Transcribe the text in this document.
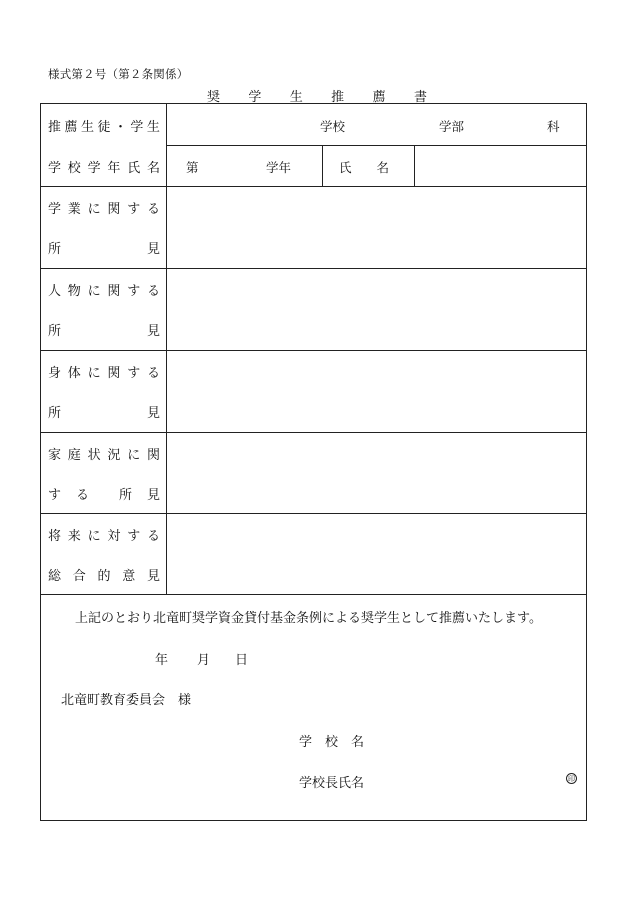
様式第２号（第２条関係）
奨 学 生 推 薦 書
推 薦 生 徒 ・ 学 生
学 校 学 年 氏 名
学校	学部	科
第	学年	氏　　名
学 業 に 関 す る
所	見
人 物 に 関 す る
所	見
身 体 に 関 す る
所	見
家 庭 状 況 に 関
す る 所 見
将 来 に 対 す る
総 合 的 意 見
上記のとおり北竜町奨学資金貸付基金条例による奨学生として推薦いたします。
年 月 日
北竜町教育委員会　様
学　校　名
学校長氏名	印
